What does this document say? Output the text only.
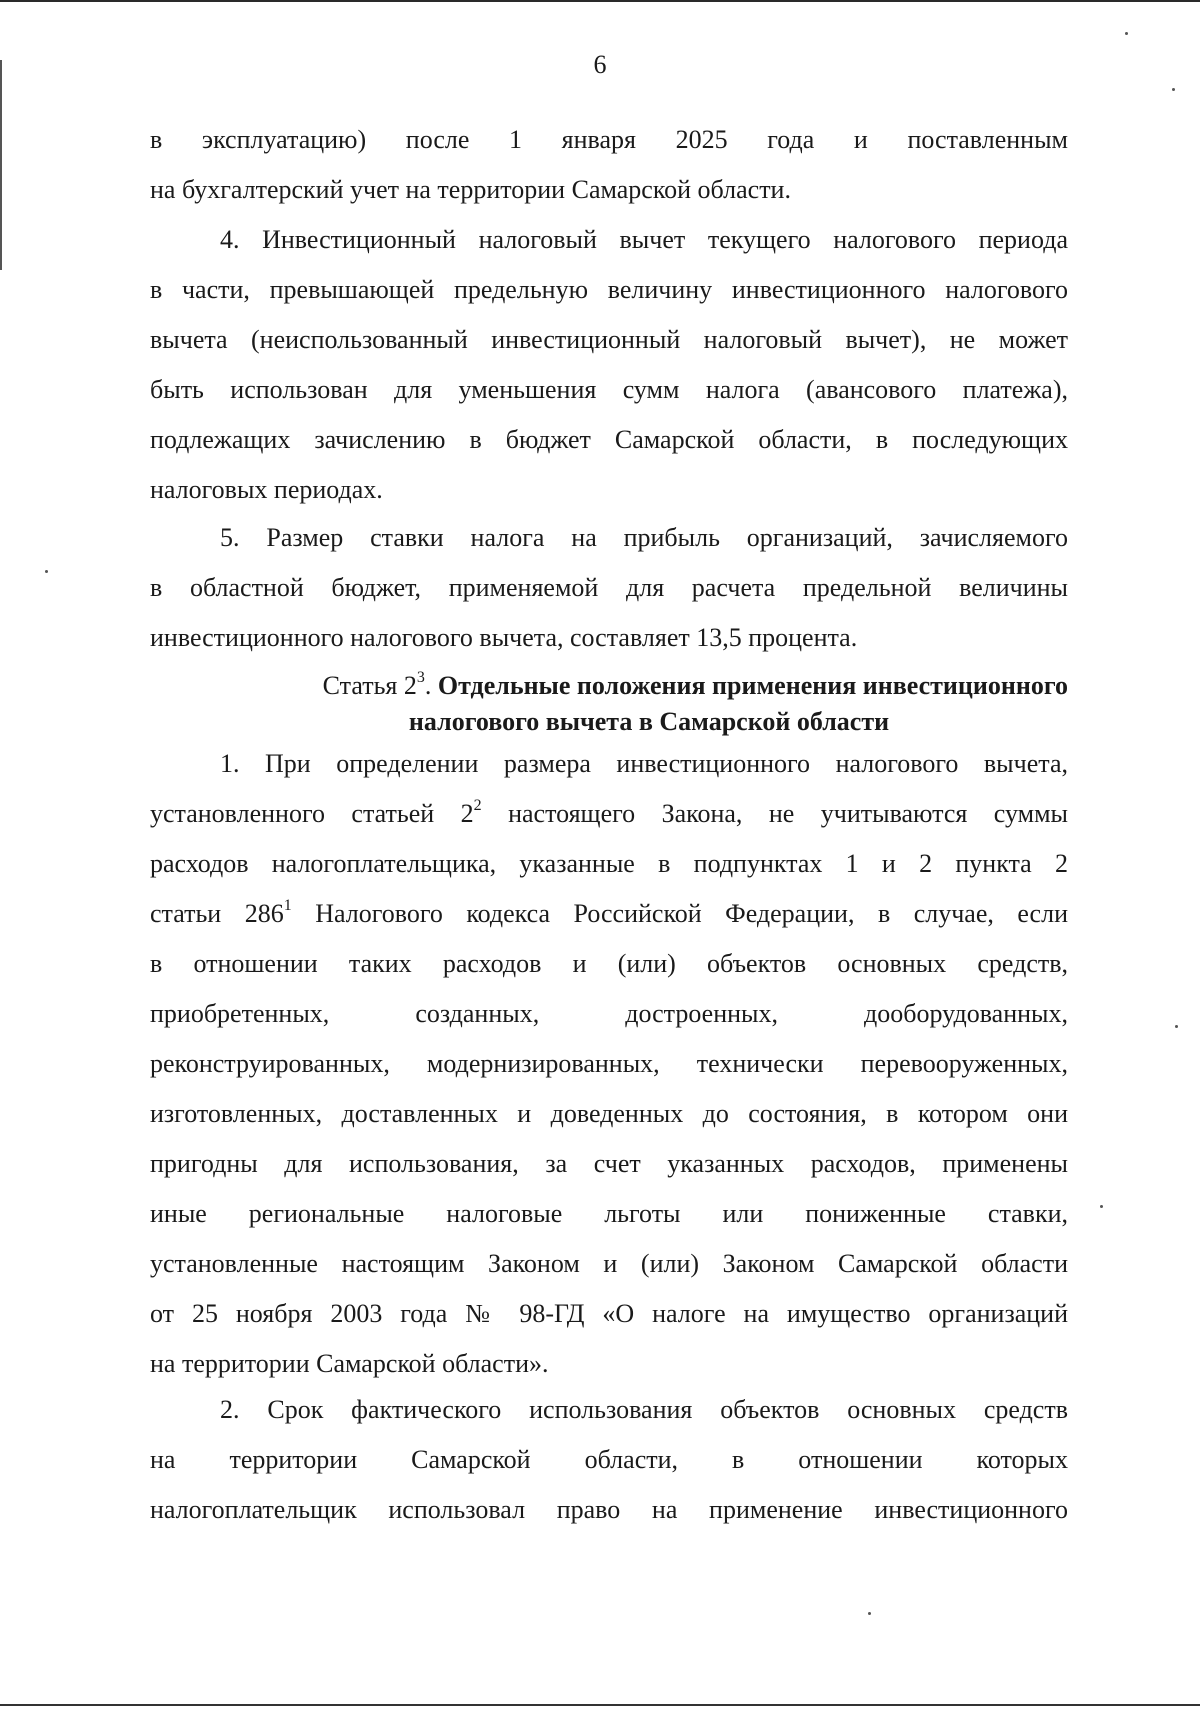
6
в эксплуатацию) после 1 января 2025 года и поставленным
на бухгалтерский учет на территории Самарской области.
4. Инвестиционный налоговый вычет текущего налогового периода
в части, превышающей предельную величину инвестиционного налогового
вычета (неиспользованный инвестиционный налоговый вычет), не может
быть использован для уменьшения сумм налога (авансового платежа),
подлежащих зачислению в бюджет Самарской области, в последующих
налоговых периодах.
5. Размер ставки налога на прибыль организаций, зачисляемого
в областной бюджет, применяемой для расчета предельной величины
инвестиционного налогового вычета, составляет 13,5 процента.
Статья $2^3$. Отдельные положения применения инвестиционного
налогового вычета в Самарской области
1. При определении размера инвестиционного налогового вычета,
установленного статьей $2^2$ настоящего Закона, не учитываются суммы
расходов налогоплательщика, указанные в подпунктах 1 и 2 пункта 2
статьи $286^1$ Налогового кодекса Российской Федерации, в случае, если
в отношении таких расходов и (или) объектов основных средств,
приобретенных, созданных, достроенных, дооборудованных,
реконструированных, модернизированных, технически перевооруженных,
изготовленных, доставленных и доведенных до состояния, в котором они
пригодны для использования, за счет указанных расходов, применены
иные региональные налоговые льготы или пониженные ставки,
установленные настоящим Законом и (или) Законом Самарской области
от 25 ноября 2003 года № 98-ГД «О налоге на имущество организаций
на территории Самарской области».
2. Срок фактического использования объектов основных средств
на территории Самарской области, в отношении которых
налогоплательщик использовал право на применение инвестиционного
